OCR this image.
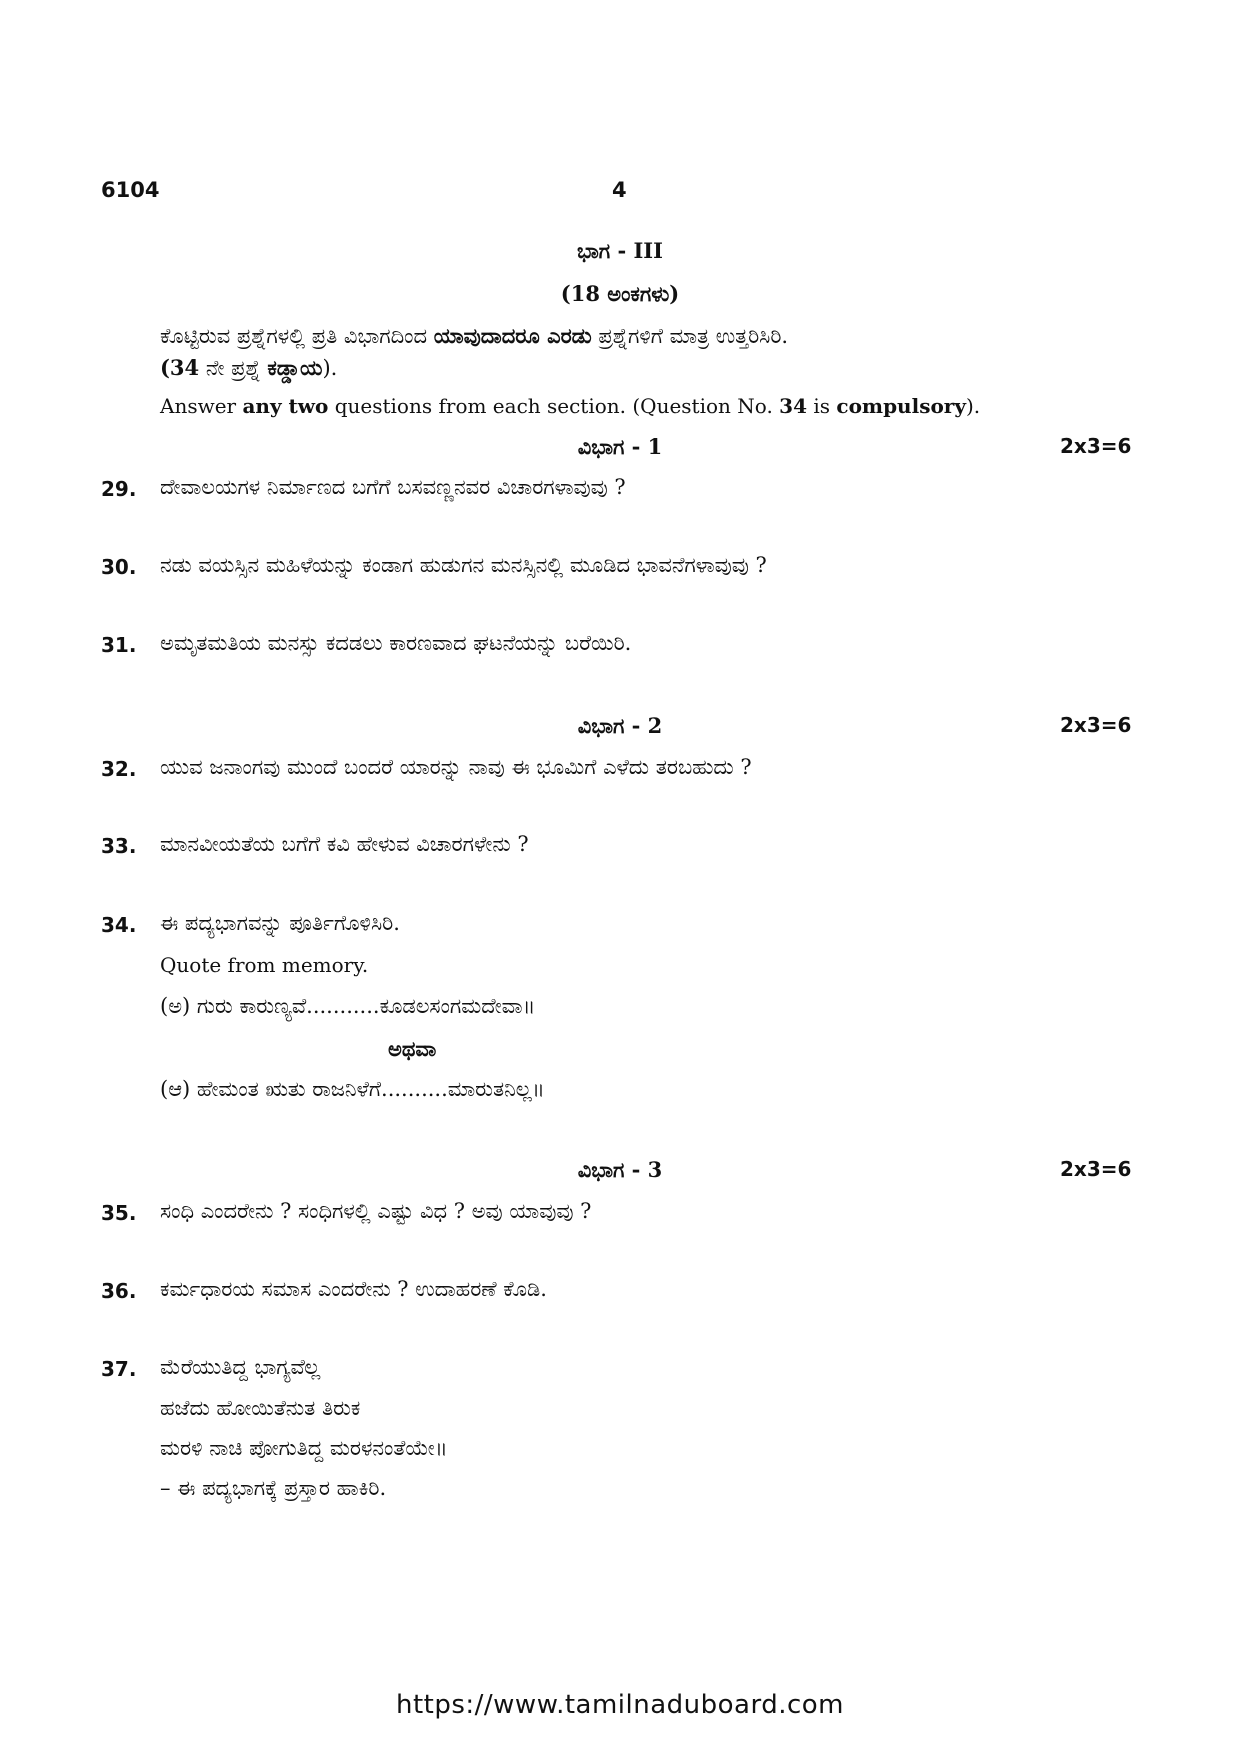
6104	4
ಭಾಗ - III
(18 ಅಂಕಗಳು)
ಕೊಟ್ಟಿರುವ ಪ್ರಶ್ನೆಗಳಲ್ಲಿ ಪ್ರತಿ ವಿಭಾಗದಿಂದ ಯಾವುದಾದರೂ ಎರಡು ಪ್ರಶ್ನೆಗಳಿಗೆ ಮಾತ್ರ ಉತ್ತರಿಸಿರಿ.
(34 ನೇ ಪ್ರಶ್ನೆ ಕಡ್ಡಾಯ).
Answer any two questions from each section. (Question No. 34 is compulsory).
ವಿಭಾಗ - 1	2x3=6
29. ದೇವಾಲಯಗಳ ನಿರ್ಮಾಣದ ಬಗೆಗೆ ಬಸವಣ್ಣನವರ ವಿಚಾರಗಳಾವುವು ?
30. ನಡು ವಯಸ್ಸಿನ ಮಹಿಳೆಯನ್ನು ಕಂಡಾಗ ಹುಡುಗನ ಮನಸ್ಸಿನಲ್ಲಿ ಮೂಡಿದ ಭಾವನೆಗಳಾವುವು ?
31. ಅಮೃತಮತಿಯ ಮನಸ್ಸು ಕದಡಲು ಕಾರಣವಾದ ಘಟನೆಯನ್ನು ಬರೆಯಿರಿ.
ವಿಭಾಗ - 2	2x3=6
32. ಯುವ ಜನಾಂಗವು ಮುಂದೆ ಬಂದರೆ ಯಾರನ್ನು ನಾವು ಈ ಭೂಮಿಗೆ ಎಳೆದು ತರಬಹುದು ?
33. ಮಾನವೀಯತೆಯ ಬಗೆಗೆ ಕವಿ ಹೇಳುವ ವಿಚಾರಗಳೇನು ?
34. ಈ ಪದ್ಯಭಾಗವನ್ನು ಪೂರ್ತಿಗೊಳಿಸಿರಿ.
Quote from memory.
(ಅ) ಗುರು ಕಾರುಣ್ಯವೆ...........ಕೂಡಲಸಂಗಮದೇವಾ॥
ಅಥವಾ
(ಆ) ಹೇಮಂತ ಋತು ರಾಜನಿಳೆಗೆ..........ಮಾರುತನಿಲ್ಲ॥
ವಿಭಾಗ - 3	2x3=6
35. ಸಂಧಿ ಎಂದರೇನು ? ಸಂಧಿಗಳಲ್ಲಿ ಎಷ್ಟು ವಿಧ ? ಅವು ಯಾವುವು ?
36. ಕರ್ಮಧಾರಯ ಸಮಾಸ ಎಂದರೇನು ? ಉದಾಹರಣೆ ಕೊಡಿ.
37. ಮೆರೆಯುತಿದ್ದ ಭಾಗ್ಯವೆಲ್ಲ
ಹಜೆದು ಹೋಯಿತೆನುತ ತಿರುಕ
ಮರಳಿ ನಾಚಿ ಪೋಗುತಿದ್ದ ಮರಳನಂತೆಯೇ॥
– ಈ ಪದ್ಯಭಾಗಕ್ಕೆ ಪ್ರಸ್ತಾರ ಹಾಕಿರಿ.
https://www.tamilnaduboard.com
